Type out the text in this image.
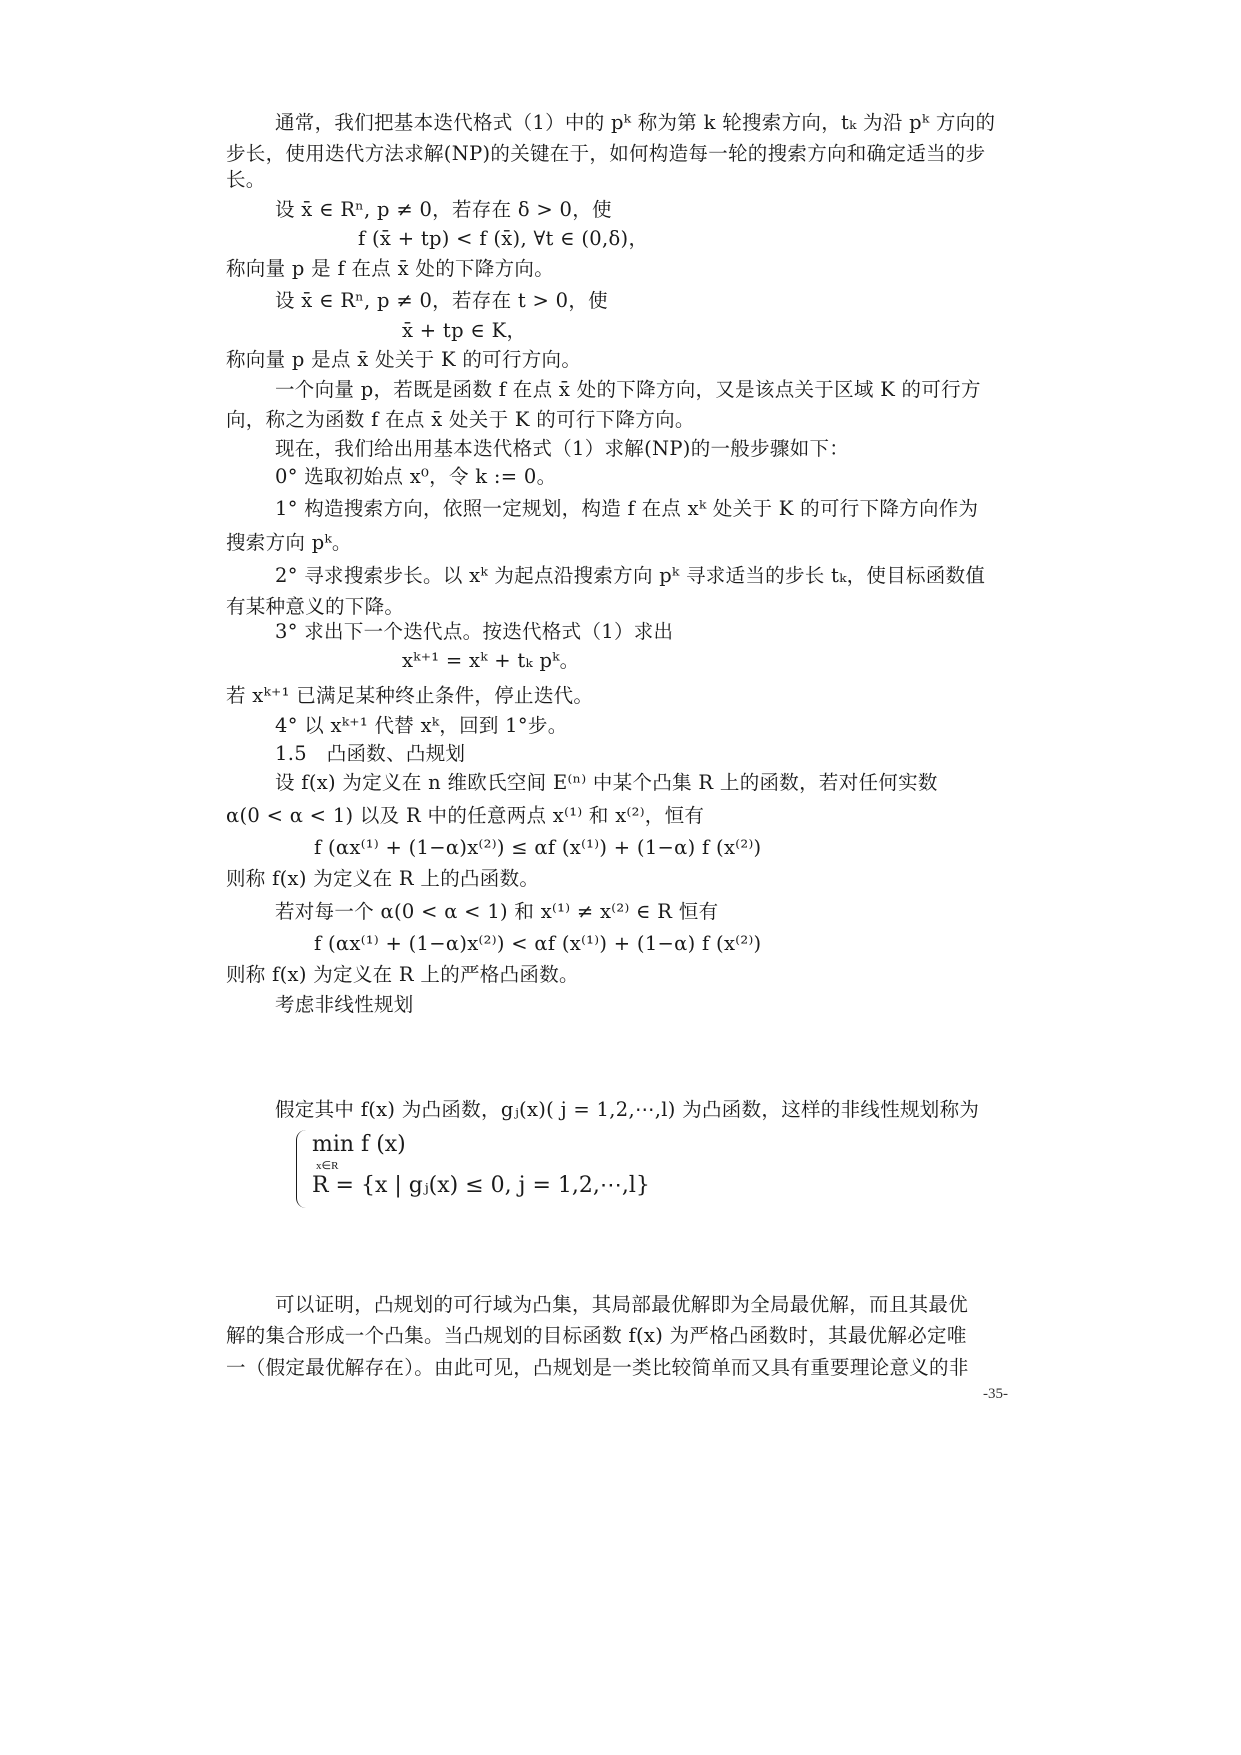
通常，我们把基本迭代格式（1）中的 pᵏ 称为第 k 轮搜索方向，tₖ 为沿 pᵏ 方向的
步长，使用迭代方法求解(NP)的关键在于，如何构造每一轮的搜索方向和确定适当的步
长。
设 x̄ ∈ Rⁿ, p ≠ 0，若存在 δ > 0，使
f (x̄ + tp) < f (x̄), ∀t ∈ (0,δ)，
称向量 p 是 f 在点 x̄ 处的下降方向。
设 x̄ ∈ Rⁿ, p ≠ 0，若存在 t > 0，使
x̄ + tp ∈ K，
称向量 p 是点 x̄ 处关于 K 的可行方向。
一个向量 p，若既是函数 f 在点 x̄ 处的下降方向，又是该点关于区域 K 的可行方
向，称之为函数 f 在点 x̄ 处关于 K 的可行下降方向。
现在，我们给出用基本迭代格式（1）求解(NP)的一般步骤如下：
0° 选取初始点 x⁰，令 k := 0。
1° 构造搜索方向，依照一定规划，构造 f 在点 xᵏ 处关于 K 的可行下降方向作为
搜索方向 pᵏ。
2° 寻求搜索步长。以 xᵏ 为起点沿搜索方向 pᵏ 寻求适当的步长 tₖ，使目标函数值
有某种意义的下降。
3° 求出下一个迭代点。按迭代格式（1）求出
xᵏ⁺¹ = xᵏ + tₖ pᵏ。
若 xᵏ⁺¹ 已满足某种终止条件，停止迭代。
4° 以 xᵏ⁺¹ 代替 xᵏ，回到 1°步。
1.5　凸函数、凸规划
设 f(x) 为定义在 n 维欧氏空间 E⁽ⁿ⁾ 中某个凸集 R 上的函数，若对任何实数
α(0 < α < 1) 以及 R 中的任意两点 x⁽¹⁾ 和 x⁽²⁾，恒有
f (αx⁽¹⁾ + (1−α)x⁽²⁾) ≤ αf (x⁽¹⁾) + (1−α) f (x⁽²⁾)
则称 f(x) 为定义在 R 上的凸函数。
若对每一个 α(0 < α < 1) 和 x⁽¹⁾ ≠ x⁽²⁾ ∈ R 恒有
f (αx⁽¹⁾ + (1−α)x⁽²⁾) < αf (x⁽¹⁾) + (1−α) f (x⁽²⁾)
则称 f(x) 为定义在 R 上的严格凸函数。
考虑非线性规划
min f (x)
x∈R
R = {x | gⱼ(x) ≤ 0, j = 1,2,⋯,l}
假定其中 f(x) 为凸函数，gⱼ(x)( j = 1,2,⋯,l) 为凸函数，这样的非线性规划称为
可以证明，凸规划的可行域为凸集，其局部最优解即为全局最优解，而且其最优
解的集合形成一个凸集。当凸规划的目标函数 f(x) 为严格凸函数时，其最优解必定唯
一（假定最优解存在）。由此可见，凸规划是一类比较简单而又具有重要理论意义的非
-35-
